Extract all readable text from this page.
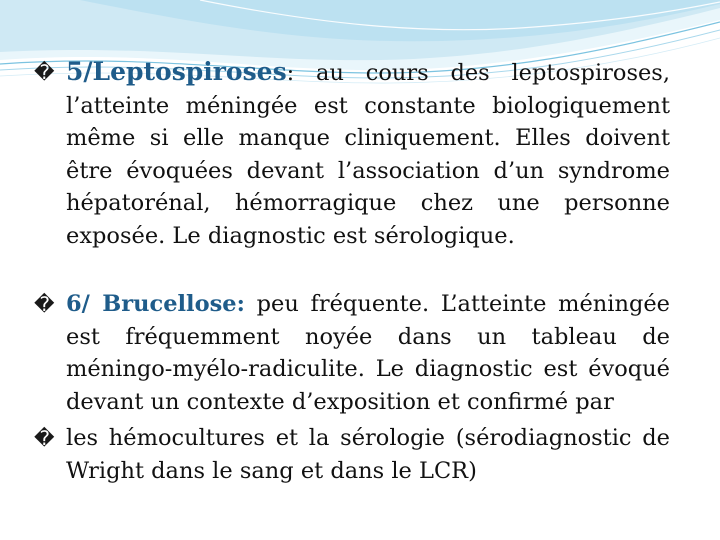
� 5/Leptospiroses: au cours des leptospiroses, l’atteinte méningée est constante biologiquement même si elle manque cliniquement. Elles doivent être évoquées devant l’association d’un syndrome hépatorénal, hémorragique chez une personne exposée. Le diagnostic est sérologique.
� 6/ Brucellose: peu fréquente. L’atteinte méningée est fréquemment noyée dans un tableau de méningo-myélo-radiculite. Le diagnostic est évoqué devant un contexte d’exposition et confirmé par
� les hémocultures et la sérologie (sérodiagnostic de Wright dans le sang et dans le LCR)
